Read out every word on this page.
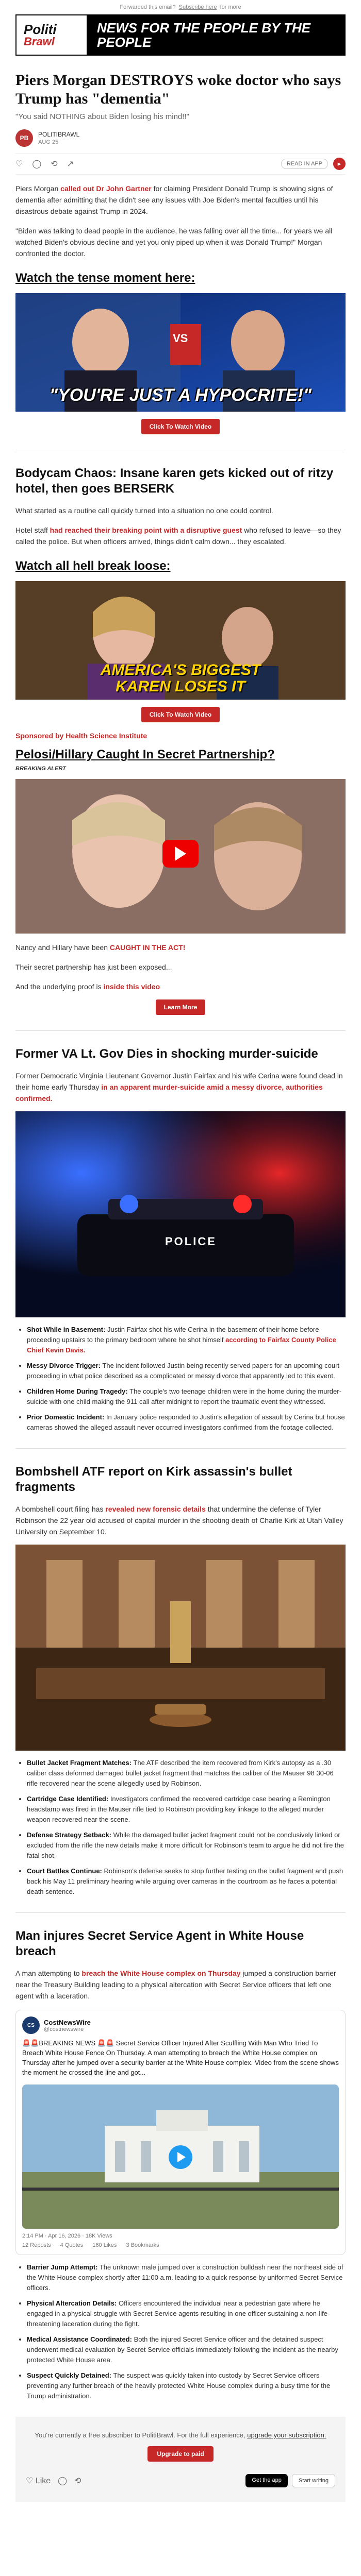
Forwarded this email? Subscribe here for more
Politi
Brawl
NEWS FOR THE PEOPLE BY THE PEOPLE
Piers Morgan DESTROYS woke doctor who says Trump has "dementia"
"You said NOTHING about Biden losing his mind!!"
PB	POLITIBRAWL
AUG 25
♡ ◯ ⟲ ↗	READ IN APP	▸

Piers Morgan called out Dr John Gartner for claiming President Donald Trump is showing signs of dementia after admitting that he didn't see any issues with Joe Biden's mental faculties until his disastrous debate against Trump in 2024.

"Biden was talking to dead people in the audience, he was falling over all the time... for years we all watched Biden's obvious decline and yet you only piped up when it was Donald Trump!" Morgan confronted the doctor.

Watch the tense moment here:
VS
"YOU'RE JUST A HYPOCRITE!"
Click To Watch Video
Bodycam Chaos: Insane karen gets kicked out of ritzy hotel, then goes BERSERK

What started as a routine call quickly turned into a situation no one could control.

Hotel staff had reached their breaking point with a disruptive guest who refused to leave—so they called the police. But when officers arrived, things didn't calm down... they escalated.

Watch all hell break loose:
AMERICA'S BIGGEST
KAREN LOSES IT
Click To Watch Video
Sponsored by Health Science Institute
Pelosi/Hillary Caught In Secret Partnership?
BREAKING ALERT

Nancy and Hillary have been CAUGHT IN THE ACT!

Their secret partnership has just been exposed...

And the underlying proof is inside this video

Learn More
Former VA Lt. Gov Dies in shocking murder-suicide

Former Democratic Virginia Lieutenant Governor Justin Fairfax and his wife Cerina were found dead in their home early Thursday in an apparent murder-suicide amid a messy divorce, authorities confirmed.

POLICE
• Shot While in Basement: Justin Fairfax shot his wife Cerina in the basement of their home before proceeding upstairs to the primary bedroom where he shot himself according to Fairfax County Police Chief Kevin Davis.
• Messy Divorce Trigger: The incident followed Justin being recently served papers for an upcoming court proceeding in what police described as a complicated or messy divorce that apparently led to this event.
• Children Home During Tragedy: The couple's two teenage children were in the home during the murder-suicide with one child making the 911 call after midnight to report the traumatic event they witnessed.
• Prior Domestic Incident: In January police responded to Justin's allegation of assault by Cerina but house cameras showed the alleged assault never occurred investigators confirmed from the footage collected.
Bombshell ATF report on Kirk assassin's bullet fragments

A bombshell court filing has revealed new forensic details that undermine the defense of Tyler Robinson the 22 year old accused of capital murder in the shooting death of Charlie Kirk at Utah Valley University on September 10.

• Bullet Jacket Fragment Matches: The ATF described the item recovered from Kirk's autopsy as a .30 caliber class deformed damaged bullet jacket fragment that matches the caliber of the Mauser 98 30-06 rifle recovered near the scene allegedly used by Robinson.
• Cartridge Case Identified: Investigators confirmed the recovered cartridge case bearing a Remington headstamp was fired in the Mauser rifle tied to Robinson providing key linkage to the alleged murder weapon recovered near the scene.
• Defense Strategy Setback: While the damaged bullet jacket fragment could not be conclusively linked or excluded from the rifle the new details make it more difficult for Robinson's team to argue he did not fire the fatal shot.
• Court Battles Continue: Robinson's defense seeks to stop further testing on the bullet fragment and push back his May 11 preliminary hearing while arguing over cameras in the courtroom as he faces a potential death sentence.
Man injures Secret Service Agent in White House breach

A man attempting to breach the White House complex on Thursday jumped a construction barrier near the Treasury Building leading to a physical altercation with Secret Service officers that left one agent with a laceration.

CS	CostNewsWire
@costnewswire
🚨🚨BREAKING NEWS 🚨🚨 Secret Service Officer Injured After Scuffling With Man Who Tried To Breach White House Fence On Thursday. A man attempting to breach the White House complex on Thursday after he jumped over a security barrier at the White House complex. Video from the scene shows the moment he crossed the line and got...
2:14 PM · Apr 16, 2026 · 18K Views
12 Reposts 4 Quotes 160 Likes 3 Bookmarks
• Barrier Jump Attempt: The unknown male jumped over a construction bulldash near the northeast side of the White House complex shortly after 11:00 a.m. leading to a quick response by uniformed Secret Service officers.
• Physical Altercation Details: Officers encountered the individual near a pedestrian gate where he engaged in a physical struggle with Secret Service agents resulting in one officer sustaining a non-life-threatening laceration during the fight.
• Medical Assistance Coordinated: Both the injured Secret Service officer and the detained suspect underwent medical evaluation by Secret Service officials immediately following the incident as the nearby protected White House area.
• Suspect Quickly Detained: The suspect was quickly taken into custody by Secret Service officers preventing any further breach of the heavily protected White House complex during a busy time for the Trump administration.
You're currently a free subscriber to PolitiBrawl. For the full experience, upgrade your subscription.
Upgrade to paid
♡ Like ◯ ⟲	Get the app	Start writing
